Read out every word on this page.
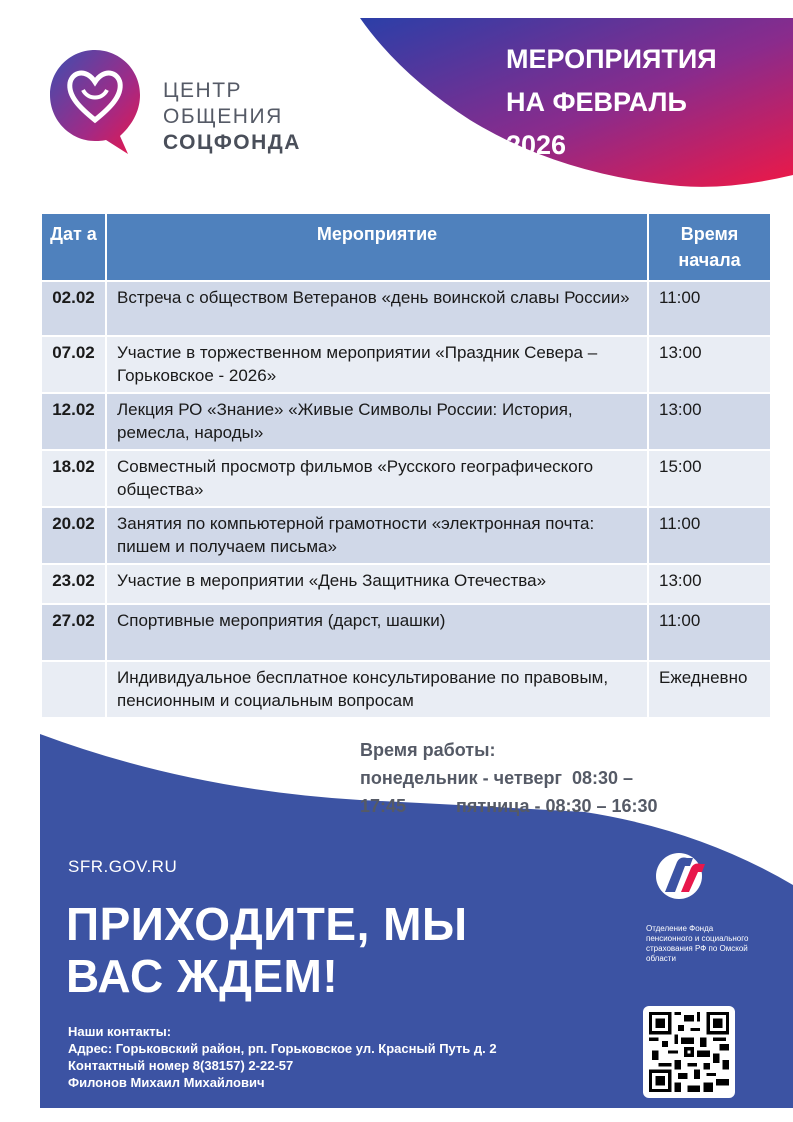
ЦЕНТР
ОБЩЕНИЯ
СОЦФОНДА
МЕРОПРИЯТИЯ
НА ФЕВРАЛЬ
2026
Дат а	Мероприятие	Время начала
02.02	Встреча с обществом Ветеранов «день воинской славы России»	11:00
07.02	Участие в торжественном мероприятии «Праздник Севера – Горьковское - 2026»	13:00
12.02	Лекция РО «Знание» «Живые Символы России: История, ремесла, народы»	13:00
18.02	Совместный просмотр фильмов «Русского географического общества»	15:00
20.02	Занятия по компьютерной грамотности «электронная почта: пишем и получаем письма»	11:00
23.02	Участие в мероприятии «День Защитника Отечества»	13:00
27.02	Спортивные мероприятия (дарст, шашки)	11:00
	Индивидуальное бесплатное консультирование по правовым, пенсионным и социальным вопросам	Ежедневно
Время работы:
понедельник - четверг  08:30 –
17:45          пятница - 08:30 – 16:30
SFR.GOV.RU
ПРИХОДИТЕ, МЫ
ВАС ЖДЕМ!
Наши контакты:
Адрес: Горьковский район, рп. Горьковское ул. Красный Путь д. 2
Контактный номер 8(38157) 2-22-57
Филонов Михаил Михайлович
Отделение Фонда пенсионного и социального страхования РФ по Омской области
